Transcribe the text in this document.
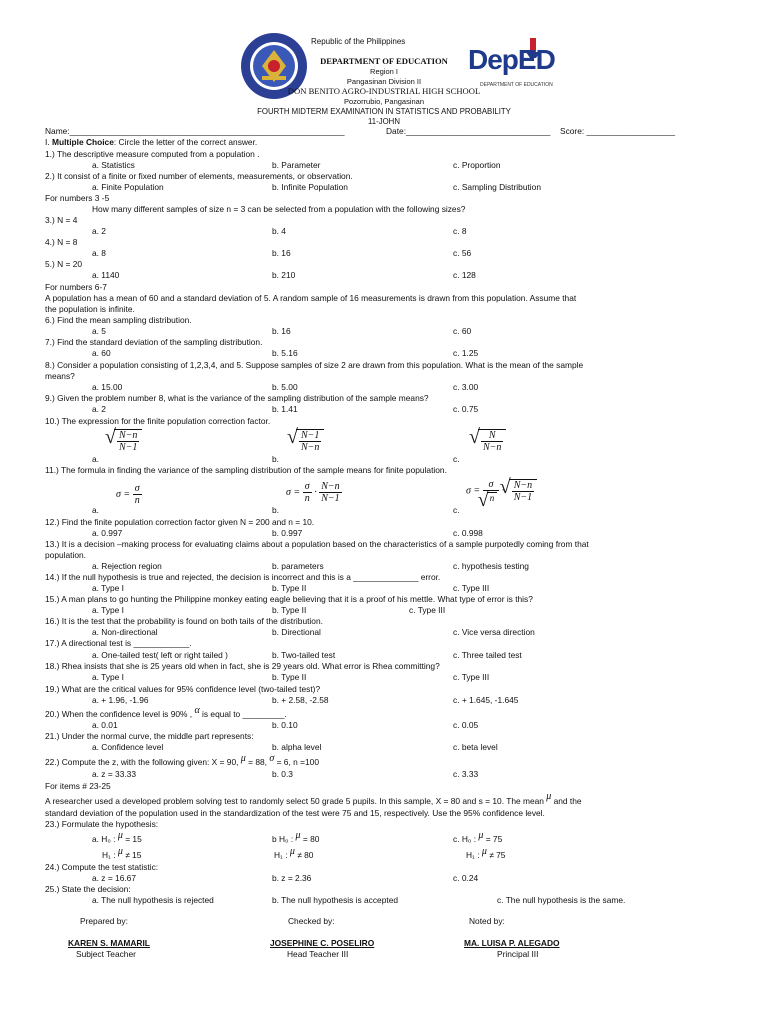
Republic of the Philippines
DEPARTMENT OF EDUCATION
Region I
Pangasinan Division II
DON BENITO AGRO-INDUSTRIAL HIGH SCHOOL
Pozorrubio, Pangasinan
FOURTH MIDTERM EXAMINATION IN STATISTICS AND PROBABILITY
11-JOHN
DepED
DEPARTMENT OF EDUCATION
Name:___________________________________________________________	Date:_______________________________ Score: ___________________
I. Multiple Choice: Circle the letter of the correct answer.
1.) The descriptive measure computed from a population .
a. Statistics	b. Parameter	c. Proportion
2.) It consist of a finite or fixed number of elements, measurements, or observation.
a. Finite Population	b. Infinite Population	c. Sampling Distribution
For numbers 3 -5
How many different samples of size n = 3 can be selected from a population with the following sizes?
3.) N = 4
a. 2	b. 4	c. 8
4.) N = 8
a. 8	b. 16	c. 56
5.) N = 20
a. 1140	b. 210	c. 128
For numbers 6-7
A population has a mean of 60 and a standard deviation of 5. A random sample of 16 measurements is drawn from this population. Assume that
the population is infinite.
6.) Find the mean sampling distribution.
a. 5	b. 16	c. 60
7.) Find the standard deviation of the sampling distribution.
a. 60	b. 5.16	c. 1.25
8.) Consider a population consisting of 1,2,3,4, and 5. Suppose samples of size 2 are drawn from this population. What is the mean of the sample
means?
a. 15.00	b. 5.00	c. 3.00
9.) Given the problem number 8, what is the variance of the sampling distribution of the sample means?
a. 2	b. 1.41	c. 0.75
10.) The expression for the finite population correction factor.
a.
√ $\frac{N-n}{N-1}$
b.
√ $\frac{N-1}{N-n}$
c.
√ $\frac{N}{N-n}$
11.) The formula in finding the variance of the sampling distribution of the sample means for finite population.
a.
$\sigma = \frac{\sigma}{n}$
b.
$\sigma = \frac{\sigma}{n} \cdot \frac{N-n}{N-1}$
c.
σ = σ
√ n ·
√ $\frac{N-n}{N-1}$
12.) Find the finite population correction factor given N = 200 and n = 10.
a. 0.997	b. 0.997	c. 0.998
13.) It is a decision –making process for evaluating claims about a population based on the characteristics of a sample purpotedly coming from that
population.
a. Rejection region	b. parameters	c. hypothesis testing
14.) If the null hypothesis is true and rejected, the decision is incorrect and this is a ______________ error.
a. Type I	b. Type II	c. Type III
15.) A man plans to go hunting the Philippine monkey eating eagle believing that it is a proof of his mettle. What type of error is this?
a. Type I	b. Type II	c. Type III
16.) It is the test that the probability is found on both tails of the distribution.
a. Non-directional	b. Directional	c. Vice versa direction
17.) A directional test is ____________.
a. One-tailed test( left or right tailed )	b. Two-tailed test	c. Three tailed test
18.) Rhea insists that she is 25 years old when in fact, she is 29 years old. What error is Rhea committing?
a. Type I	b. Type II	c. Type III
19.) What are the critical values for 95% confidence level (two-tailed test)?
a. + 1.96, -1.96	b. + 2.58, -2.58	c. + 1.645, -1.645
20.) When the confidence level is 90% , α is equal to _________.
a. 0.01	b. 0.10	c. 0.05
21.) Under the normal curve, the middle part represents:
a. Confidence level	b. alpha level	c. beta level
22.) Compute the z, with the following given: X = 90, μ = 88, σ = 6, n =100
a. z = 33.33	b. 0.3	c. 3.33
For items # 23-25
A researcher used a developed problem solving test to randomly select 50 grade 5 pupils. In this sample, X = 80 and s = 10. The mean μ and the
standard deviation of the population used in the standardization of the test were 75 and 15, respectively. Use the 95% confidence level.
23.) Formulate the hypothesis:
a. H₀ : μ = 15
H₁ : μ ≠ 15
b H₀ : μ = 80
H₁ : μ ≠ 80
c. H₀ : μ = 75
H₁ : μ ≠ 75
24.) Compute the test statistic:
a. z = 16.67	b. z = 2.36	c. 0.24
25.) State the decision:
a. The null hypothesis is rejected	b. The null hypothesis is accepted	c. The null hypothesis is the same.
Prepared by:	Checked by:	Noted by:
KAREN S. MAMARIL	JOSEPHINE C. POSELIRO	MA. LUISA P. ALEGADO
Subject Teacher	Head Teacher III	Principal III
